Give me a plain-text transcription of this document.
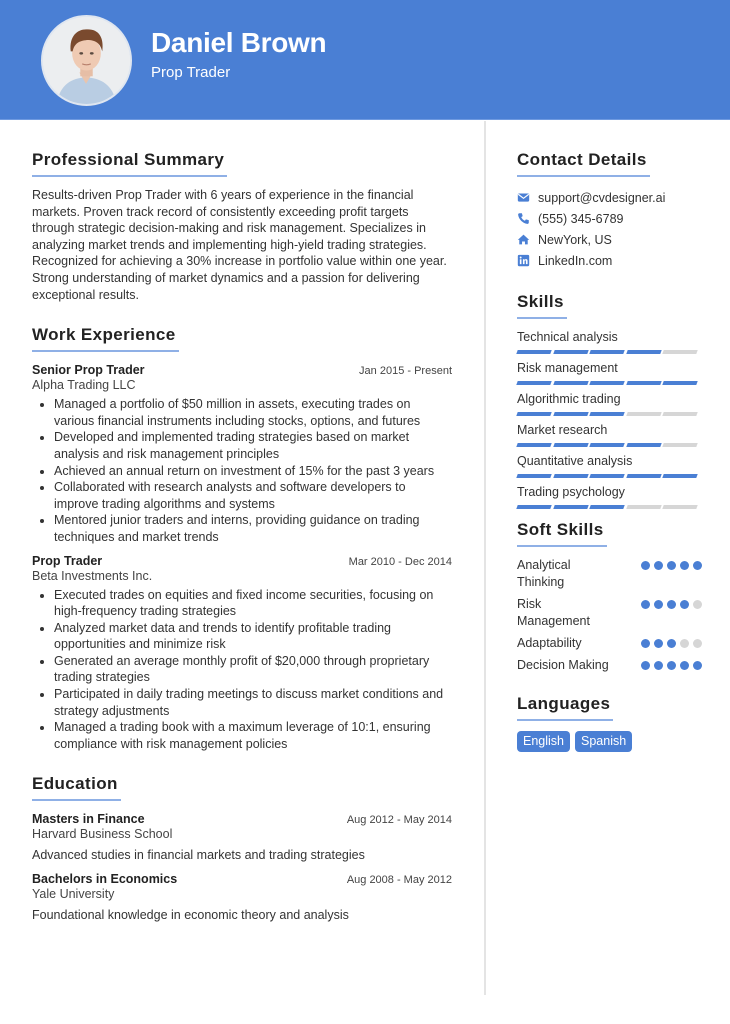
Daniel Brown
Prop Trader
Professional Summary

Results-driven Prop Trader with 6 years of experience in the financial markets. Proven track record of consistently exceeding profit targets through strategic decision-making and risk management. Specializes in analyzing market trends and implementing high-yield trading strategies. Recognized for achieving a 30% increase in portfolio value within one year. Strong understanding of market dynamics and a passion for delivering exceptional results.

Work Experience
Senior Prop Trader	Jan 2015 - Present
Alpha Trading LLC
Managed a portfolio of $50 million in assets, executing trades on various financial instruments including stocks, options, and futures
Developed and implemented trading strategies based on market analysis and risk management principles
Achieved an annual return on investment of 15% for the past 3 years
Collaborated with research analysts and software developers to improve trading algorithms and systems
Mentored junior traders and interns, providing guidance on trading techniques and market trends
Prop Trader	Mar 2010 - Dec 2014
Beta Investments Inc.
Executed trades on equities and fixed income securities, focusing on high-frequency trading strategies
Analyzed market data and trends to identify profitable trading opportunities and minimize risk
Generated an average monthly profit of $20,000 through proprietary trading strategies
Participated in daily trading meetings to discuss market conditions and strategy adjustments
Managed a trading book with a maximum leverage of 10:1, ensuring compliance with risk management policies
Education
Masters in Finance	Aug 2012 - May 2014
Harvard Business School
Advanced studies in financial markets and trading strategies
Bachelors in Economics	Aug 2008 - May 2012
Yale University
Foundational knowledge in economic theory and analysis
Contact Details
support@cvdesigner.ai
(555) 345-6789
NewYork, US
LinkedIn.com
Skills
Technical analysis
Risk management
Algorithmic trading
Market research
Quantitative analysis
Trading psychology
Soft Skills
Analytical Thinking
Risk Management
Adaptability
Decision Making
Languages
English	Spanish
